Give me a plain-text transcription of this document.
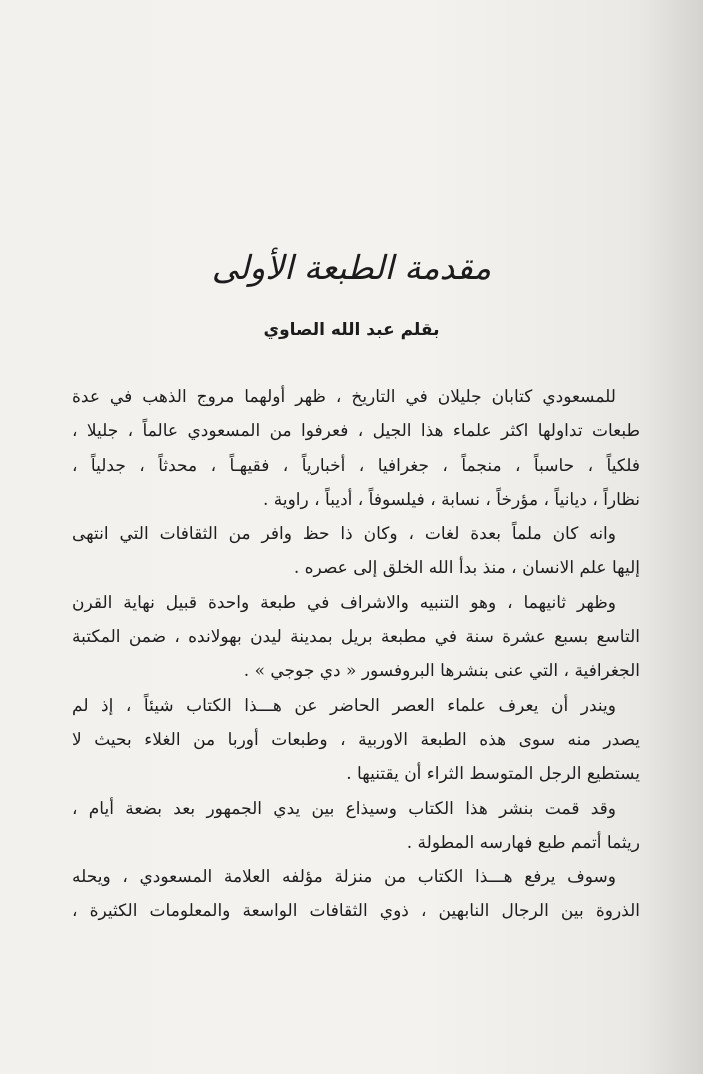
مقدمة الطبعة الأولى
بقلم عبد الله الصاوي

للمسعودي كتابان جليلان في التاريخ ، ظهر أولهما مروج الذهب في عدة
طبعات تداولها اكثر علماء هذا الجيل ، فعرفوا من المسعودي عالماً ، جليلا ،
فلكياً ، حاسباً ، منجماً ، جغرافيا ، أخبارياً ، فقيهـاً ، محدثاً ، جدلياً ،
نظاراً ، ديانياً ، مؤرخاً ، نسابة ، فيلسوفاً ، أديباً ، راوية .

وانه كان ملماً بعدة لغات ، وكان ذا حظ وافر من الثقافات التي انتهى
إليها علم الانسان ، منذ بدأ الله الخلق إلى عصره .

وظهر ثانيهما ، وهو التنبيه والاشراف في طبعة واحدة قبيل نهاية القرن
التاسع بسبع عشرة سنة في مطبعة بريل بمدينة ليدن بهولانده ، ضمن المكتبة
الجغرافية ، التي عنى بنشرها البروفسور « دي جوجي » .

ويندر أن يعرف علماء العصر الحاضر عن هـــذا الكتاب شيئاً ، إذ لم
يصدر منه سوى هذه الطبعة الاوربية ، وطبعات أوربا من الغلاء بحيث لا
يستطيع الرجل المتوسط الثراء أن يقتنيها .

وقد قمت بنشر هذا الكتاب وسيذاع بين يدي الجمهور بعد بضعة أيام ،
ريثما أتمم طبع فهارسه المطولة .

وسوف يرفع هـــذا الكتاب من منزلة مؤلفه العلامة المسعودي ، ويحله
الذروة بين الرجال النابهين ، ذوي الثقافات الواسعة والمعلومات الكثيرة ،
